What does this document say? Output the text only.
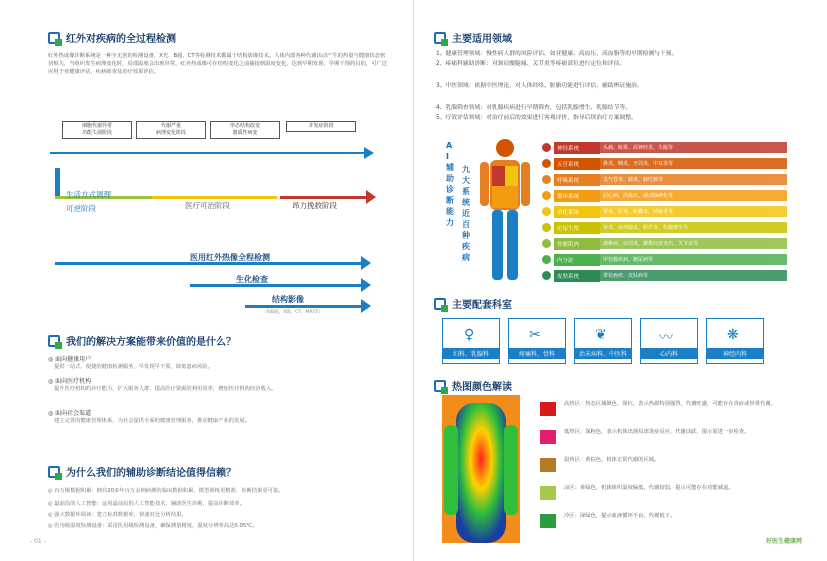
红外对疾病的全过程检测
红外热成像诊断系统是一种全无创的检测设备，X光、B超、CT等检测技术都属于结构影像技术。人体内部各种代谢活动产生的热量与健康状态密切相关，当组织发生病理变化时，局部温度会出现异常，红外热成像可在结构变化之前捕捉到温度变化，达到早期发现、早期干预的目的，可广泛应用于亚健康评估、疾病筛查及治疗效果评估。
细胞代谢异常
功能失调阶段
代谢严重
病理变化阶段
形态结构改变
器质性病变
并发症阶段
生活方式调理
可逆阶段	医疗可治阶段	昂力挽救阶段
医用红外热像全程检测
生化检查
结构影像
（如B超、X线、CT、MRI等）
我们的解决方案能带来价值的是什么？
◎ 面向健康用户
提供一站式、便捷的健康检测服务，早发现早干预，降低患病风险。
◎ 面向医疗机构
提升医疗机构的诊疗能力，扩大服务人群，提高医疗资源的利用效率，增加医疗机构经济收入。
◎ 面向社会渠道
建立完善的健康管理体系，为社会提供全面的健康管理服务，推动健康产业的发展。
为什么我们的辅助诊断结论值得信赖？
◎ 百万级数据积累：拥有20多年百万余例病例的临床数据积累，模型训练更精准，诊断结果更可靠。
◎ 最前沿的人工智能：运用最前沿的人工智能技术，辅助医生诊断，提高诊断效率。
◎ 强大数据库阅读：建立标准数据库，快速对比分析结果。
◎ 医用级温度检测设备：采用医用级检测设备，确保测量精度，温度分辨率高达0.05℃。
- 01 -
主要适用领域
1、健康管理领域：慢性病人群的风险评估，如亚健康、高血压、高血脂等的早期检测与干预。
2、疼痛科辅助诊断：对颈肩腰腿痛、关节炎等疼痛部位进行定位和评估。
3、中医领域：依据中医理论，对人体经络、脏腑功能进行评估，辅助辨证施治。
4、乳腺筛查领域：对乳腺疾病进行早期筛查，包括乳腺增生、乳腺结节等。
5、疗效评估领域：对治疗前后的效果进行客观评价，指导后续治疗方案调整。
AI辅助诊断能力
九大系统近百种疾病
神经系统	头痛、眩晕、面神经炎、失眠等
五官系统	鼻炎、咽炎、牙周炎、中耳炎等
呼吸系统	支气管炎、肺炎、肺结核等
循环系统	冠心病、高血压、颈动脉硬化等
消化系统	胃炎、肝炎、胆囊炎、结肠炎等
泌尿生殖	肾炎、前列腺炎、附件炎、乳腺增生等
骨骼肌肉	颈椎病、肩周炎、腰椎间盘突出、关节炎等
内分泌	甲状腺疾病、糖尿病等
皮肤系统	带状疱疹、皮肤病等
主要配套科室
♀
妇科、乳腺科
✂
疼痛科、骨科
❦
治未病科、中医科
〰
心内科
❋
神经内科
热图颜色解读
高热区：热态区域颜色、深红，表示热源特别强烈，代谢旺盛，可能存在炎症或异常代谢。
低热区：深粉色，表示机体出现局部炎症反应、代谢活跃，提示需进一步检查。
温热区：黄棕色，机体正常代谢的区域。
凉区：黄绿色，机体组织温度偏低，代谢较弱，提示可能存在功能减退。
冷区：深绿色，提示血液循环不良，代谢低下。
好医生健康网
